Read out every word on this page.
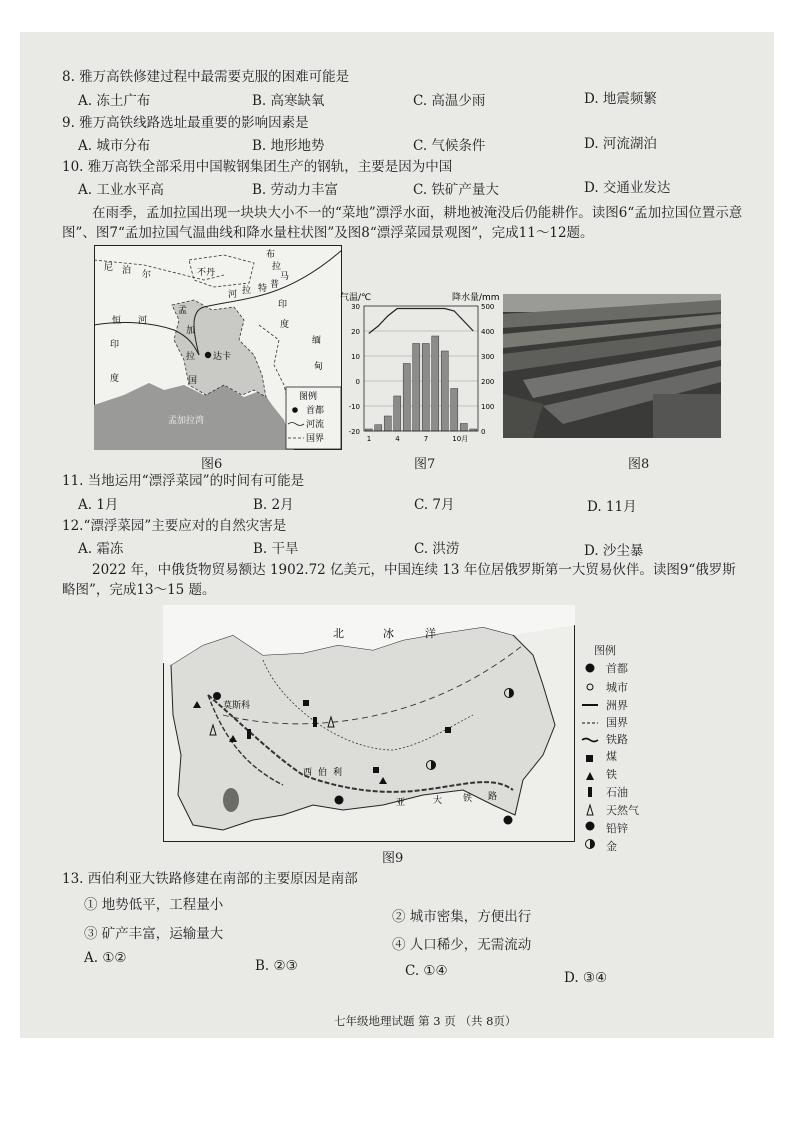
8. 雅万高铁修建过程中最需要克服的困难可能是
A. 冻土广布	B. 高寒缺氧	C. 高温少雨	D. 地震频繁
9. 雅万高铁线路选址最重要的影响因素是
A. 城市分布	B. 地形地势	C. 气候条件	D. 河流湖泊
10. 雅万高铁全部采用中国鞍钢集团生产的钢轨，主要是因为中国
A. 工业水平高	B. 劳动力丰富	C. 铁矿产量大	D. 交通业发达
在雨季，孟加拉国出现一块块大小不一的“菜地”漂浮水面，耕地被淹没后仍能耕作。读图6“孟加拉国位置示意图”、图7“孟加拉国气温曲线和降水量柱状图”及图8“漂浮菜园景观图”，完成11～12题。
尼 泊 尔	不丹
布
拉
马
普
特
拉
河
恒 河
印
度
印
度
孟
加
拉
国
达卡
缅
甸
孟加拉湾
图例
首都
河流
国界
图6
气温/℃	降水量/mm
30
20
10
0
-10
-20
500
400
300
200
100
0
1	4	7	10月
图7	图8
11. 当地运用“漂浮菜园”的时间有可能是
A. 1月	B. 2月	C. 7月	D. 11月
12.“漂浮菜园”主要应对的自然灾害是
A. 霜冻	B. 干旱	C. 洪涝	D. 沙尘暴
2022 年，中俄货物贸易额达 1902.72 亿美元，中国连续 13 年位居俄罗斯第一大贸易伙伴。读图9“俄罗斯
略图”，完成13～15 题。
北	冰	洋
莫斯科
西 伯 利
亚	大 铁 路
图9
图例
首都
城市
洲界
国界
铁路
煤
铁
石油
天然气
铅锌
金
13. 西伯利亚大铁路修建在南部的主要原因是南部
① 地势低平，工程量小
② 城市密集，方便出行
③ 矿产丰富，运输量大
④ 人口稀少，无需流动
A. ①②	B. ②③	C. ①④	D. ③④
七年级地理试题 第 3 页 （共 8页）
